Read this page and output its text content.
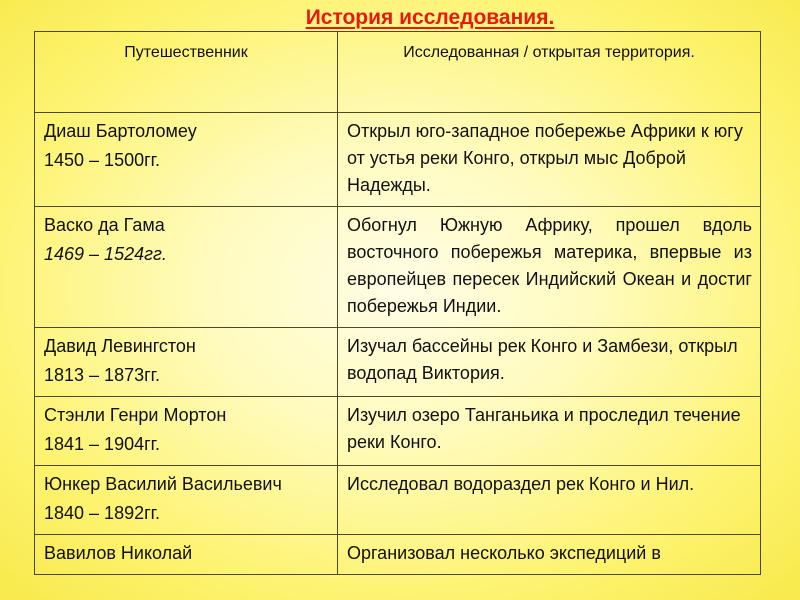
История исследования.
Путешественник	Исследованная / открытая территория.

Диаш Бартоломеу

1450 – 1500гг.	Открыл юго-западное побережье Африки к югу от устья реки Конго, открыл мыс Доброй Надежды.

Васко да Гама

1469 – 1524гг.	Обогнул Южную Африку, прошел вдоль восточного побережья материка, впервые из европейцев пересек Индийский Океан и достиг побережья Индии.

Давид Левингстон

1813 – 1873гг.	Изучал бассейны рек Конго и Замбези, открыл водопад Виктория.

Стэнли Генри Мортон

1841 – 1904гг.	Изучил озеро Танганьика и проследил течение реки Конго.

Юнкер Василий Васильевич

1840 – 1892гг.	Исследовал водораздел рек Конго и Нил.

Вавилов Николай	Организовал несколько экспедиций в
